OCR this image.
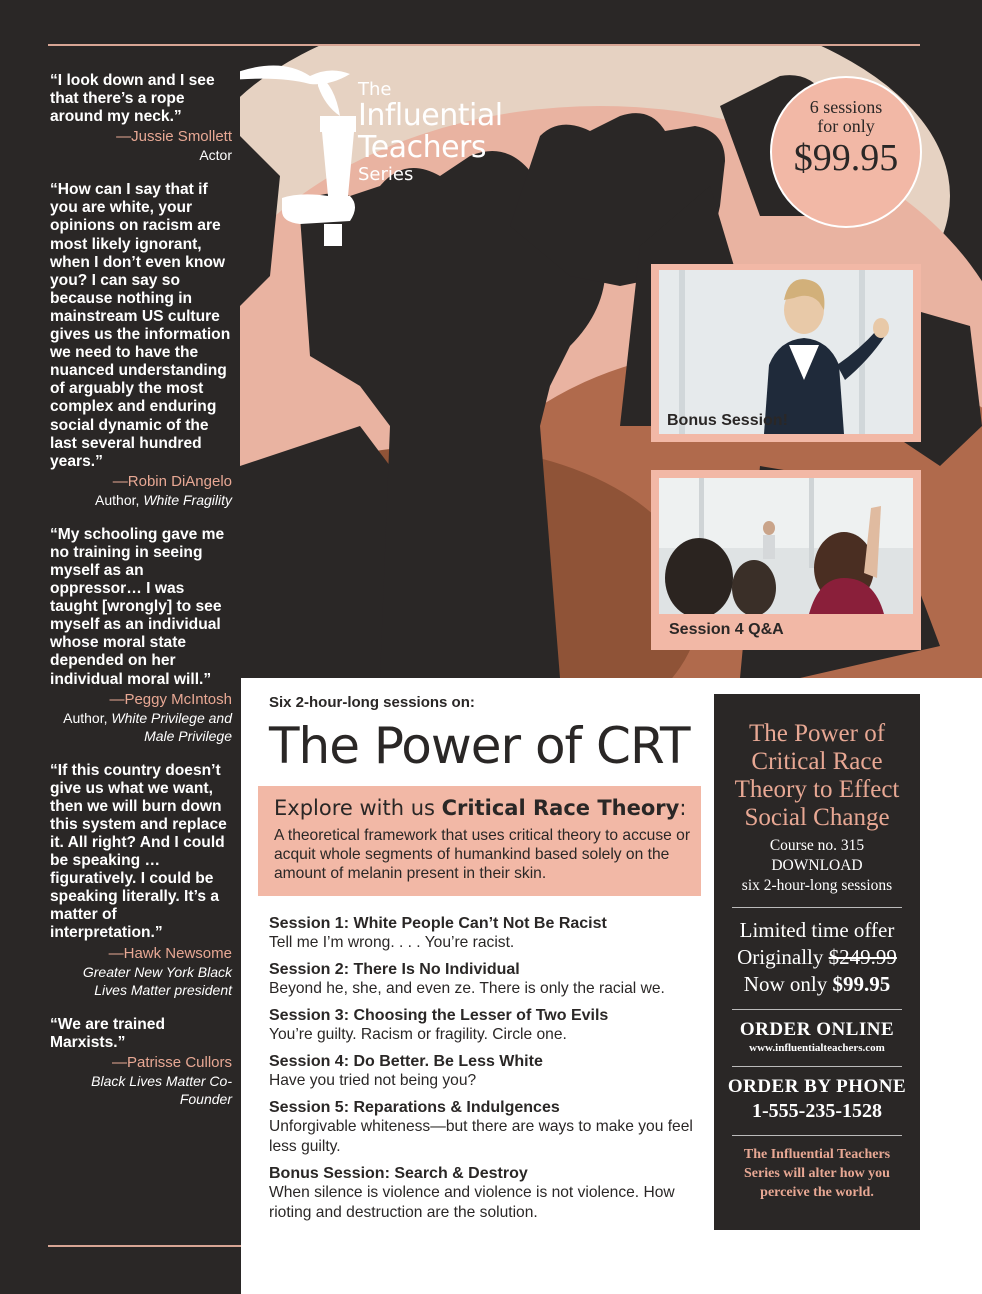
“I look down and I see that there’s a rope around my neck.”
—Jussie Smollett
Actor
“How can I say that if you are white, your opinions on racism are most likely ignorant, when I don’t even know you? I can say so because nothing in mainstream US culture gives us the information we need to have the nuanced understanding of arguably the most complex and enduring social dynamic of the last several hundred years.”
—Robin DiAngelo
Author, White Fragility
“My schooling gave me no training in seeing myself as an oppressor… I was taught [wrongly] to see myself as an individual whose moral state depended on her individual moral will.”
—Peggy McIntosh
Author, White Privilege and Male Privilege
“If this country doesn’t give us what we want, then we will burn down this system and replace it. All right? And I could be speaking … figuratively. I could be speaking literally. It’s a matter of interpretation.”
—Hawk Newsome
Greater New York Black Lives Matter president
“We are trained Marxists.”
—Patrisse Cullors
Black Lives Matter Co-Founder
The
Influential
Teachers
Series
6 sessions
for only
$99.95
Bonus Session!
Session 4 Q&A
Six 2-hour-long sessions on:
The Power of CRT
Explore with us Critical Race Theory:
A theoretical framework that uses critical theory to accuse or acquit whole segments of humankind based solely on the amount of melanin present in their skin.
Session 1: White People Can’t Not Be Racist
Tell me I’m wrong. . . . You’re racist.
Session 2: There Is No Individual
Beyond he, she, and even ze. There is only the racial we.
Session 3: Choosing the Lesser of Two Evils
You’re guilty. Racism or fragility. Circle one.
Session 4: Do Better. Be Less White
Have you tried not being you?
Session 5: Reparations & Indulgences
Unforgivable whiteness—but there are ways to make you feel less guilty.
Bonus Session: Search & Destroy
When silence is violence and violence is not violence. How rioting and destruction are the solution.
The Power of Critical Race Theory to Effect Social Change
Course no. 315
DOWNLOAD
six 2-hour-long sessions
Limited time offer
Originally $249.99
Now only $99.95
ORDER ONLINE
www.influentialteachers.com
ORDER BY PHONE
1-555-235-1528
The Influential Teachers Series will alter how you perceive the world.
